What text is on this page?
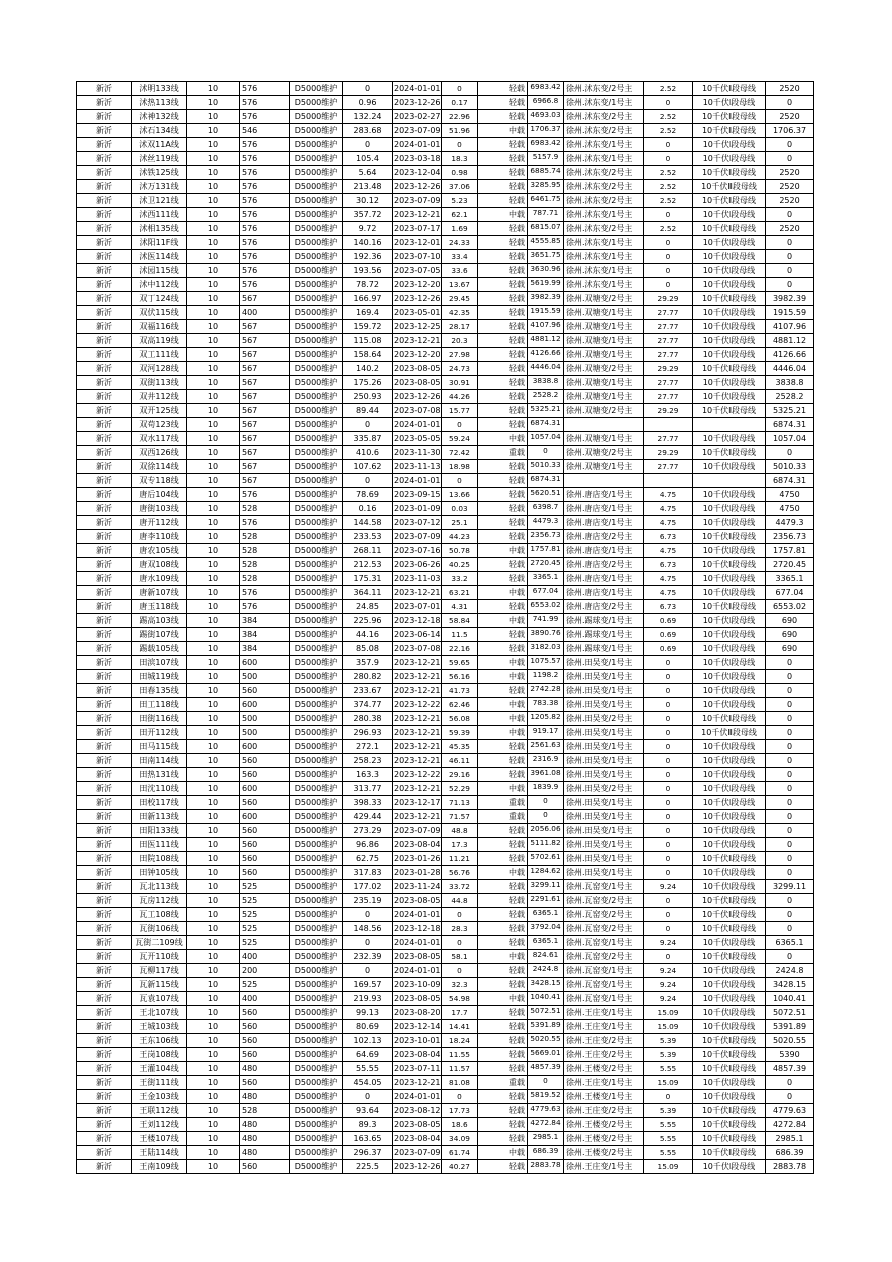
新沂	沭明133线	10	576	D5000维护	0	2024-01-01	0	轻载	6983.42	徐州.沭东变/2号主	2.52	10千伏Ⅱ段母线	2520
新沂	沭热113线	10	576	D5000维护	0.96	2023-12-26	0.17	轻载	6966.8	徐州.沭东变/1号主	0	10千伏Ⅰ段母线	0
新沂	沭神132线	10	576	D5000维护	132.24	2023-02-27	22.96	轻载	4693.03	徐州.沭东变/2号主	2.52	10千伏Ⅱ段母线	2520
新沂	沭石134线	10	546	D5000维护	283.68	2023-07-09	51.96	中载	1706.37	徐州.沭东变/2号主	2.52	10千伏Ⅱ段母线	1706.37
新沂	沭双11A线	10	576	D5000维护	0	2024-01-01	0	轻载	6983.42	徐州.沭东变/1号主	0	10千伏Ⅰ段母线	0
新沂	沭丝119线	10	576	D5000维护	105.4	2023-03-18	18.3	轻载	5157.9	徐州.沭东变/1号主	0	10千伏Ⅰ段母线	0
新沂	沭铁125线	10	576	D5000维护	5.64	2023-12-04	0.98	轻载	6885.74	徐州.沭东变/2号主	2.52	10千伏Ⅱ段母线	2520
新沂	沭万131线	10	576	D5000维护	213.48	2023-12-26	37.06	轻载	3285.95	徐州.沭东变/2号主	2.52	10千伏Ⅲ段母线	2520
新沂	沭卫121线	10	576	D5000维护	30.12	2023-07-09	5.23	轻载	6461.75	徐州.沭东变/2号主	2.52	10千伏Ⅱ段母线	2520
新沂	沭西111线	10	576	D5000维护	357.72	2023-12-21	62.1	中载	787.71	徐州.沭东变/1号主	0	10千伏Ⅰ段母线	0
新沂	沭相135线	10	576	D5000维护	9.72	2023-07-17	1.69	轻载	6815.07	徐州.沭东变/2号主	2.52	10千伏Ⅱ段母线	2520
新沂	沭阳11F线	10	576	D5000维护	140.16	2023-12-01	24.33	轻载	4555.85	徐州.沭东变/1号主	0	10千伏Ⅰ段母线	0
新沂	沭医114线	10	576	D5000维护	192.36	2023-07-10	33.4	轻载	3651.75	徐州.沭东变/1号主	0	10千伏Ⅰ段母线	0
新沂	沭园115线	10	576	D5000维护	193.56	2023-07-05	33.6	轻载	3630.96	徐州.沭东变/1号主	0	10千伏Ⅰ段母线	0
新沂	沭中112线	10	576	D5000维护	78.72	2023-12-20	13.67	轻载	5619.99	徐州.沭东变/1号主	0	10千伏Ⅰ段母线	0
新沂	双丁124线	10	567	D5000维护	166.97	2023-12-26	29.45	轻载	3982.39	徐州.双塘变/2号主	29.29	10千伏Ⅱ段母线	3982.39
新沂	双伏115线	10	400	D5000维护	169.4	2023-05-01	42.35	轻载	1915.59	徐州.双塘变/1号主	27.77	10千伏Ⅰ段母线	1915.59
新沂	双福116线	10	567	D5000维护	159.72	2023-12-25	28.17	轻载	4107.96	徐州.双塘变/1号主	27.77	10千伏Ⅰ段母线	4107.96
新沂	双高119线	10	567	D5000维护	115.08	2023-12-21	20.3	轻载	4881.12	徐州.双塘变/1号主	27.77	10千伏Ⅰ段母线	4881.12
新沂	双工111线	10	567	D5000维护	158.64	2023-12-20	27.98	轻载	4126.66	徐州.双塘变/1号主	27.77	10千伏Ⅰ段母线	4126.66
新沂	双河128线	10	567	D5000维护	140.2	2023-08-05	24.73	轻载	4446.04	徐州.双塘变/2号主	29.29	10千伏Ⅱ段母线	4446.04
新沂	双街113线	10	567	D5000维护	175.26	2023-08-05	30.91	轻载	3838.8	徐州.双塘变/1号主	27.77	10千伏Ⅰ段母线	3838.8
新沂	双井112线	10	567	D5000维护	250.93	2023-12-26	44.26	轻载	2528.2	徐州.双塘变/1号主	27.77	10千伏Ⅰ段母线	2528.2
新沂	双开125线	10	567	D5000维护	89.44	2023-07-08	15.77	轻载	5325.21	徐州.双塘变/2号主	29.29	10千伏Ⅱ段母线	5325.21
新沂	双苟123线	10	567	D5000维护	0	2024-01-01	0	轻载	6874.31				6874.31
新沂	双水117线	10	567	D5000维护	335.87	2023-05-05	59.24	中载	1057.04	徐州.双塘变/1号主	27.77	10千伏Ⅰ段母线	1057.04
新沂	双西126线	10	567	D5000维护	410.6	2023-11-30	72.42	重载	0	徐州.双塘变/2号主	29.29	10千伏Ⅱ段母线	0
新沂	双徐114线	10	567	D5000维护	107.62	2023-11-13	18.98	轻载	5010.33	徐州.双塘变/1号主	27.77	10千伏Ⅰ段母线	5010.33
新沂	双专118线	10	567	D5000维护	0	2024-01-01	0	轻载	6874.31				6874.31
新沂	唐后104线	10	576	D5000维护	78.69	2023-09-15	13.66	轻载	5620.51	徐州.唐店变/1号主	4.75	10千伏Ⅰ段母线	4750
新沂	唐街103线	10	528	D5000维护	0.16	2023-01-09	0.03	轻载	6398.7	徐州.唐店变/1号主	4.75	10千伏Ⅰ段母线	4750
新沂	唐开112线	10	576	D5000维护	144.58	2023-07-12	25.1	轻载	4479.3	徐州.唐店变/1号主	4.75	10千伏Ⅰ段母线	4479.3
新沂	唐李110线	10	528	D5000维护	233.53	2023-07-09	44.23	轻载	2356.73	徐州.唐店变/2号主	6.73	10千伏Ⅱ段母线	2356.73
新沂	唐农105线	10	528	D5000维护	268.11	2023-07-16	50.78	中载	1757.81	徐州.唐店变/1号主	4.75	10千伏Ⅰ段母线	1757.81
新沂	唐双108线	10	528	D5000维护	212.53	2023-06-26	40.25	轻载	2720.45	徐州.唐店变/2号主	6.73	10千伏Ⅱ段母线	2720.45
新沂	唐水109线	10	528	D5000维护	175.31	2023-11-03	33.2	轻载	3365.1	徐州.唐店变/1号主	4.75	10千伏Ⅰ段母线	3365.1
新沂	唐新107线	10	576	D5000维护	364.11	2023-12-21	63.21	中载	677.04	徐州.唐店变/1号主	4.75	10千伏Ⅰ段母线	677.04
新沂	唐玉118线	10	576	D5000维护	24.85	2023-07-01	4.31	轻载	6553.02	徐州.唐店变/2号主	6.73	10千伏Ⅱ段母线	6553.02
新沂	踢高103线	10	384	D5000维护	225.96	2023-12-18	58.84	中载	741.99	徐州.踢球变/1号主	0.69	10千伏Ⅰ段母线	690
新沂	踢街107线	10	384	D5000维护	44.16	2023-06-14	11.5	轻载	3890.76	徐州.踢球变/1号主	0.69	10千伏Ⅰ段母线	690
新沂	踢载105线	10	384	D5000维护	85.08	2023-07-08	22.16	轻载	3182.03	徐州.踢球变/1号主	0.69	10千伏Ⅰ段母线	690
新沂	田滨107线	10	600	D5000维护	357.9	2023-12-21	59.65	中载	1075.57	徐州.田吴变/1号主	0	10千伏Ⅰ段母线	0
新沂	田城119线	10	500	D5000维护	280.82	2023-12-21	56.16	中载	1198.2	徐州.田吴变/1号主	0	10千伏Ⅰ段母线	0
新沂	田春135线	10	560	D5000维护	233.67	2023-12-21	41.73	轻载	2742.28	徐州.田吴变/1号主	0	10千伏Ⅰ段母线	0
新沂	田工118线	10	600	D5000维护	374.77	2023-12-22	62.46	中载	783.38	徐州.田吴变/1号主	0	10千伏Ⅰ段母线	0
新沂	田街116线	10	500	D5000维护	280.38	2023-12-21	56.08	中载	1205.82	徐州.田吴变/2号主	0	10千伏Ⅱ段母线	0
新沂	田开112线	10	500	D5000维护	296.93	2023-12-21	59.39	中载	919.17	徐州.田吴变/1号主	0	10千伏Ⅲ段母线	0
新沂	田马115线	10	600	D5000维护	272.1	2023-12-21	45.35	轻载	2561.63	徐州.田吴变/1号主	0	10千伏Ⅰ段母线	0
新沂	田南114线	10	560	D5000维护	258.23	2023-12-21	46.11	轻载	2316.9	徐州.田吴变/1号主	0	10千伏Ⅰ段母线	0
新沂	田热131线	10	560	D5000维护	163.3	2023-12-22	29.16	轻载	3961.08	徐州.田吴变/1号主	0	10千伏Ⅰ段母线	0
新沂	田沈110线	10	600	D5000维护	313.77	2023-12-21	52.29	中载	1839.9	徐州.田吴变/2号主	0	10千伏Ⅰ段母线	0
新沂	田校117线	10	560	D5000维护	398.33	2023-12-17	71.13	重载	0	徐州.田吴变/1号主	0	10千伏Ⅰ段母线	0
新沂	田新113线	10	600	D5000维护	429.44	2023-12-21	71.57	重载	0	徐州.田吴变/1号主	0	10千伏Ⅰ段母线	0
新沂	田阳133线	10	560	D5000维护	273.29	2023-07-09	48.8	轻载	2056.06	徐州.田吴变/1号主	0	10千伏Ⅰ段母线	0
新沂	田医111线	10	560	D5000维护	96.86	2023-08-04	17.3	轻载	5111.82	徐州.田吴变/1号主	0	10千伏Ⅰ段母线	0
新沂	田院108线	10	560	D5000维护	62.75	2023-01-26	11.21	轻载	5702.61	徐州.田吴变/1号主	0	10千伏Ⅱ段母线	0
新沂	田钟105线	10	560	D5000维护	317.83	2023-01-28	56.76	中载	1284.62	徐州.田吴变/1号主	0	10千伏Ⅰ段母线	0
新沂	瓦北113线	10	525	D5000维护	177.02	2023-11-24	33.72	轻载	3299.11	徐州.瓦窑变/1号主	9.24	10千伏Ⅰ段母线	3299.11
新沂	瓦房112线	10	525	D5000维护	235.19	2023-08-05	44.8	轻载	2291.61	徐州.瓦窑变/2号主	0	10千伏Ⅱ段母线	0
新沂	瓦工108线	10	525	D5000维护	0	2024-01-01	0	轻载	6365.1	徐州.瓦窑变/2号主	0	10千伏Ⅱ段母线	0
新沂	瓦街106线	10	525	D5000维护	148.56	2023-12-18	28.3	轻载	3792.04	徐州.瓦窑变/2号主	0	10千伏Ⅱ段母线	0
新沂	瓦街二109线	10	525	D5000维护	0	2024-01-01	0	轻载	6365.1	徐州.瓦窑变/1号主	9.24	10千伏Ⅰ段母线	6365.1
新沂	瓦开110线	10	400	D5000维护	232.39	2023-08-05	58.1	中载	824.61	徐州.瓦窑变/2号主	0	10千伏Ⅱ段母线	0
新沂	瓦柳117线	10	200	D5000维护	0	2024-01-01	0	轻载	2424.8	徐州.瓦窑变/1号主	9.24	10千伏Ⅰ段母线	2424.8
新沂	瓦新115线	10	525	D5000维护	169.57	2023-10-09	32.3	轻载	3428.15	徐州.瓦窑变/1号主	9.24	10千伏Ⅰ段母线	3428.15
新沂	瓦袁107线	10	400	D5000维护	219.93	2023-08-05	54.98	中载	1040.41	徐州.瓦窑变/1号主	9.24	10千伏Ⅰ段母线	1040.41
新沂	王北107线	10	560	D5000维护	99.13	2023-08-20	17.7	轻载	5072.51	徐州.王庄变/1号主	15.09	10千伏Ⅰ段母线	5072.51
新沂	王城103线	10	560	D5000维护	80.69	2023-12-14	14.41	轻载	5391.89	徐州.王庄变/1号主	15.09	10千伏Ⅰ段母线	5391.89
新沂	王东106线	10	560	D5000维护	102.13	2023-10-01	18.24	轻载	5020.55	徐州.王庄变/2号主	5.39	10千伏Ⅱ段母线	5020.55
新沂	王岗108线	10	560	D5000维护	64.69	2023-08-04	11.55	轻载	5669.01	徐州.王庄变/2号主	5.39	10千伏Ⅱ段母线	5390
新沂	王灌104线	10	480	D5000维护	55.55	2023-07-11	11.57	轻载	4857.39	徐州.王楼变/2号主	5.55	10千伏Ⅱ段母线	4857.39
新沂	王街111线	10	560	D5000维护	454.05	2023-12-21	81.08	重载	0	徐州.王庄变/1号主	15.09	10千伏Ⅰ段母线	0
新沂	王金103线	10	480	D5000维护	0	2024-01-01	0	轻载	5819.52	徐州.王楼变/1号主	0	10千伏Ⅰ段母线	0
新沂	王联112线	10	528	D5000维护	93.64	2023-08-12	17.73	轻载	4779.63	徐州.王庄变/2号主	5.39	10千伏Ⅱ段母线	4779.63
新沂	王刘112线	10	480	D5000维护	89.3	2023-08-05	18.6	轻载	4272.84	徐州.王楼变/2号主	5.55	10千伏Ⅱ段母线	4272.84
新沂	王楼107线	10	480	D5000维护	163.65	2023-08-04	34.09	轻载	2985.1	徐州.王楼变/2号主	5.55	10千伏Ⅱ段母线	2985.1
新沂	王陆114线	10	480	D5000维护	296.37	2023-07-09	61.74	中载	686.39	徐州.王楼变/2号主	5.55	10千伏Ⅱ段母线	686.39
新沂	王南109线	10	560	D5000维护	225.5	2023-12-26	40.27	轻载	2883.78	徐州.王庄变/1号主	15.09	10千伏Ⅰ段母线	2883.78
